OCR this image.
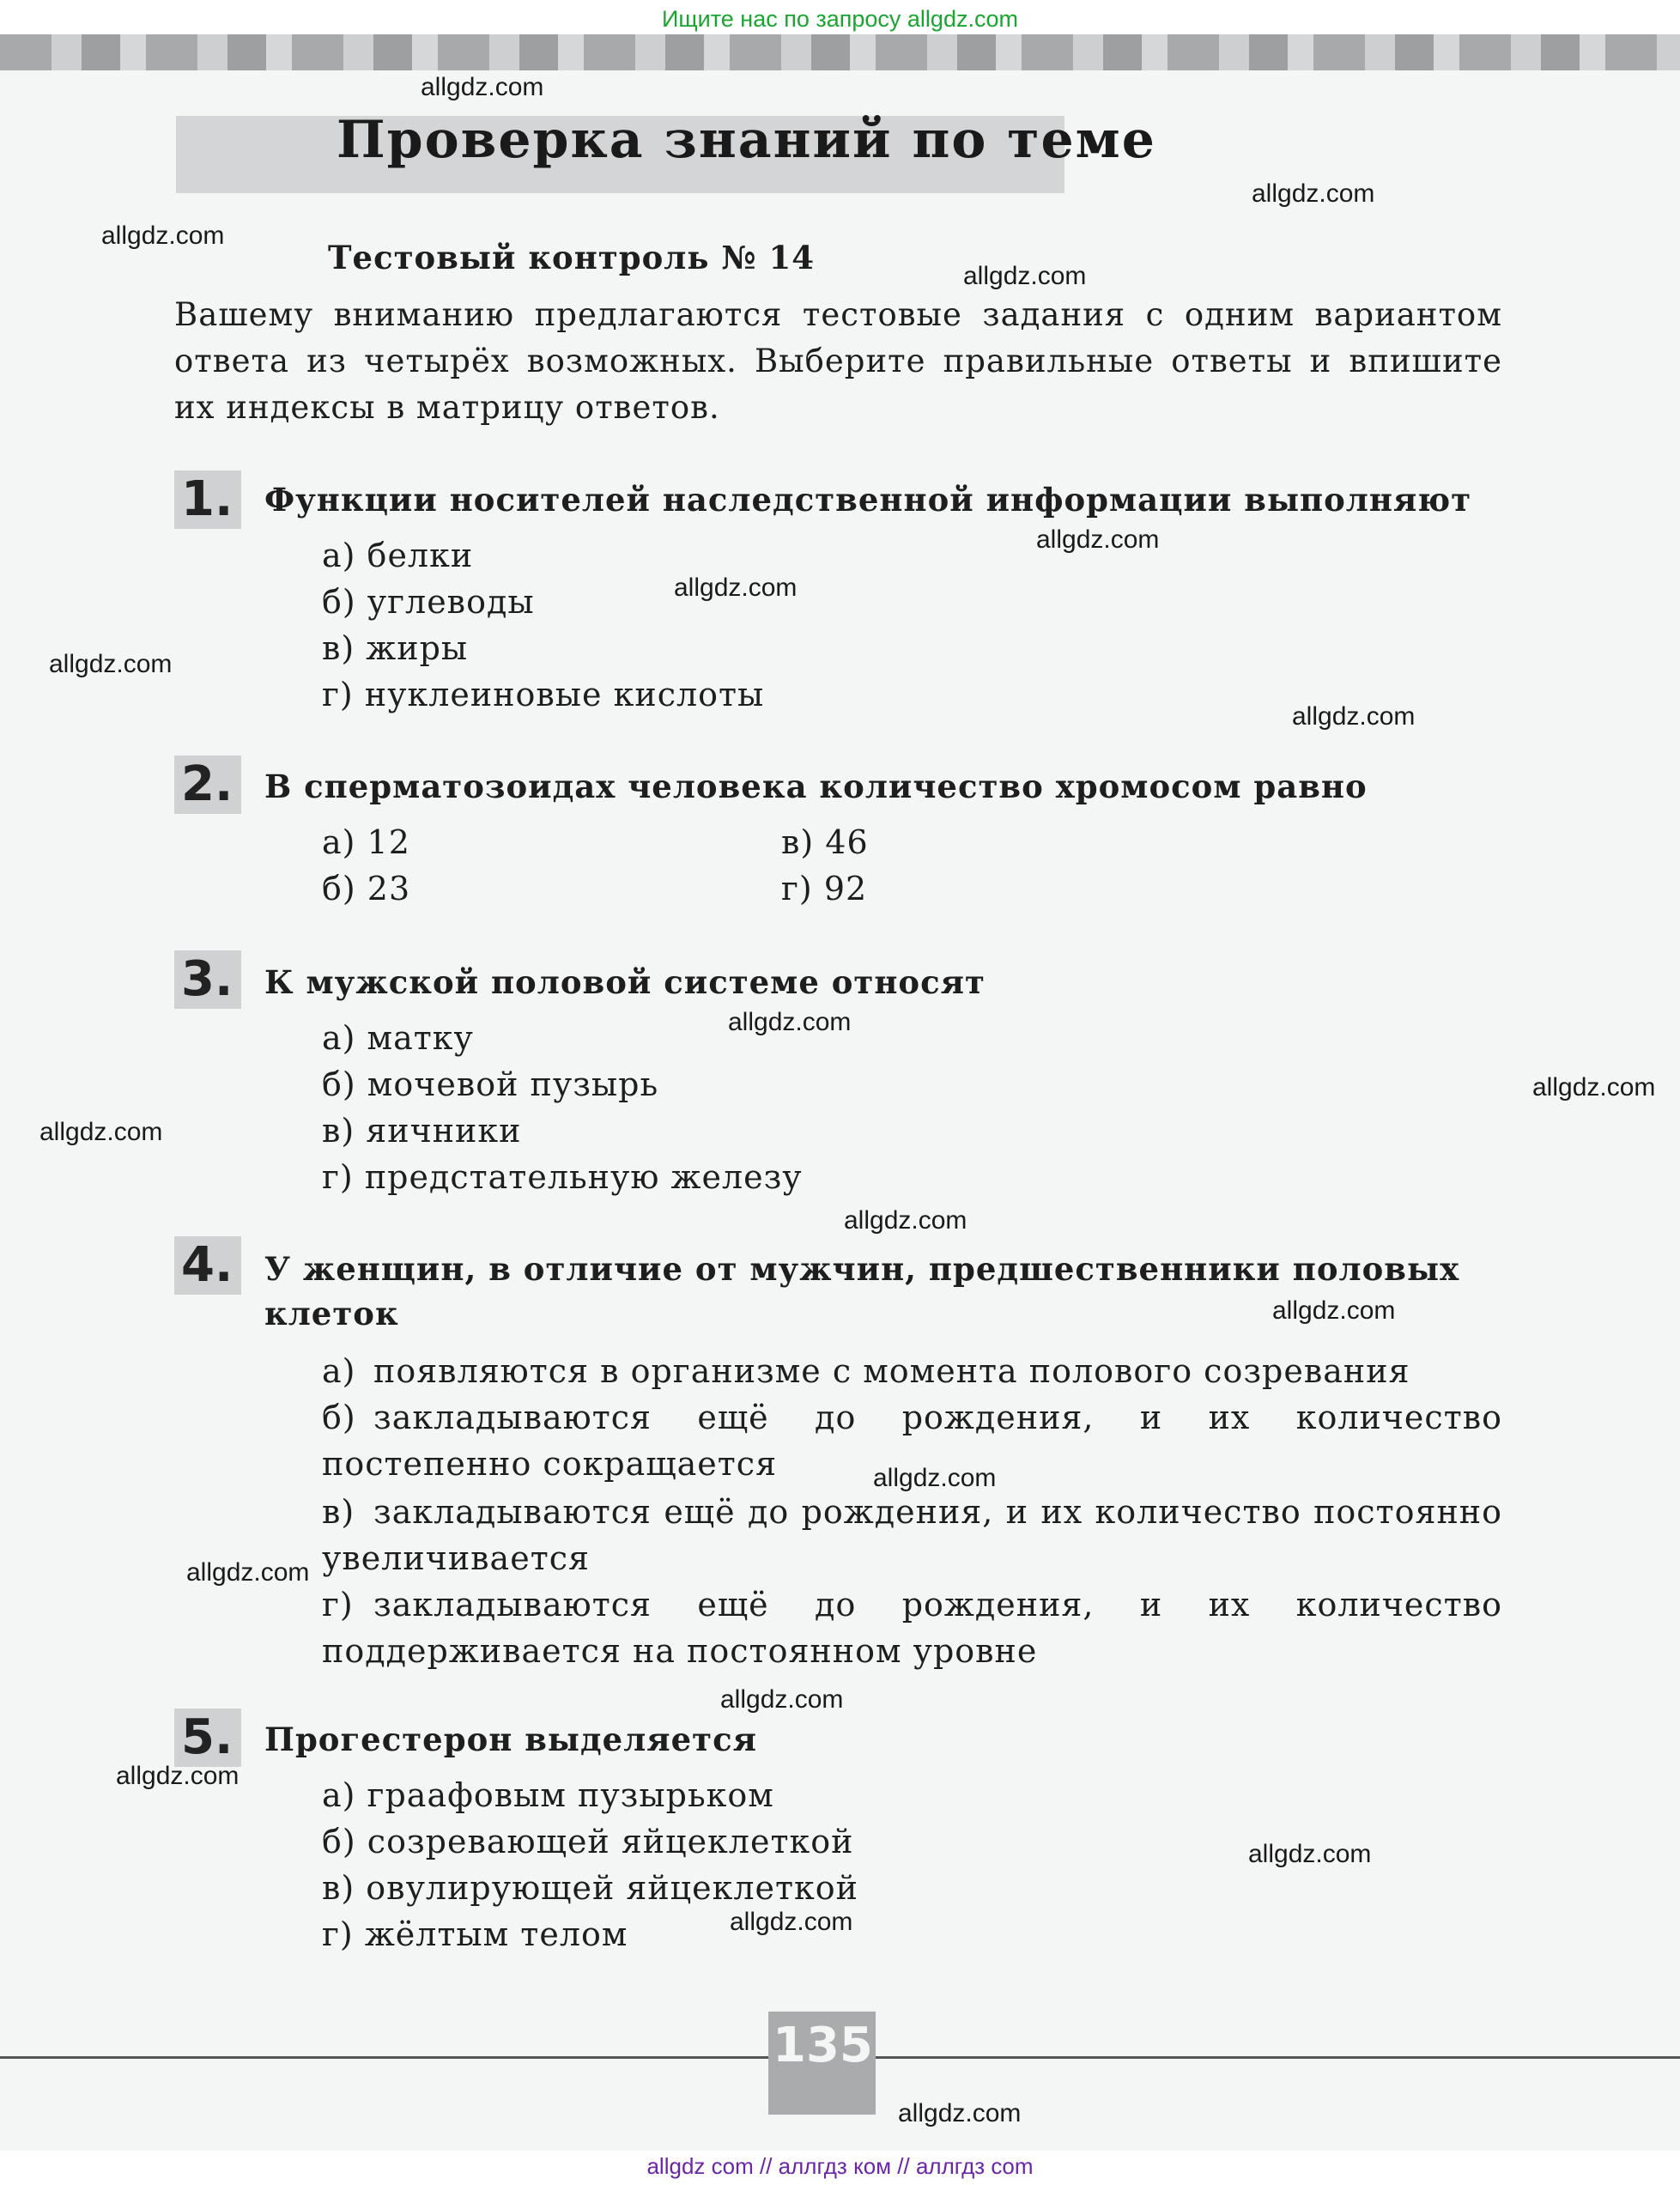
Ищите нас по запросу allgdz.com
Проверка знаний по теме
Тестовый контроль № 14
Вашему вниманию предлагаются тестовые задания с одним вариантом ответа из четырёх возможных. Выберите правильные ответы и впишите их индексы в матрицу ответов.
1. Функции носителей наследственной информации выполняют
а) белки
б) углеводы
в) жиры
г) нуклеиновые кислоты
2. В сперматозоидах человека количество хромосом равно
а) 12
б) 23
в) 46
г) 92
3. К мужской половой системе относят
а) матку
б) мочевой пузырь
в) яичники
г) предстательную железу
4. У женщин, в отличие от мужчин, предшественники половых клеток
а) появляются в организме с момента полового созревания
б) закладываются ещё до рождения, и их количество постепенно сокращается
в) закладываются ещё до рождения, и их количество постоянно увеличивается
г) закладываются ещё до рождения, и их количество поддерживается на постоянном уровне
5. Прогестерон выделяется
а) граафовым пузырьком
б) созревающей яйцеклеткой
в) овулирующей яйцеклеткой
г) жёлтым телом
allgdz.com
allgdz.com
allgdz.com
allgdz.com
allgdz.com
allgdz.com
allgdz.com
allgdz.com
allgdz.com
allgdz.com
allgdz.com
allgdz.com
allgdz.com
allgdz.com
allgdz.com
allgdz.com
allgdz.com
allgdz.com
allgdz.com
allgdz.com
135
allgdz com // аллгдз ком // аллгдз com
